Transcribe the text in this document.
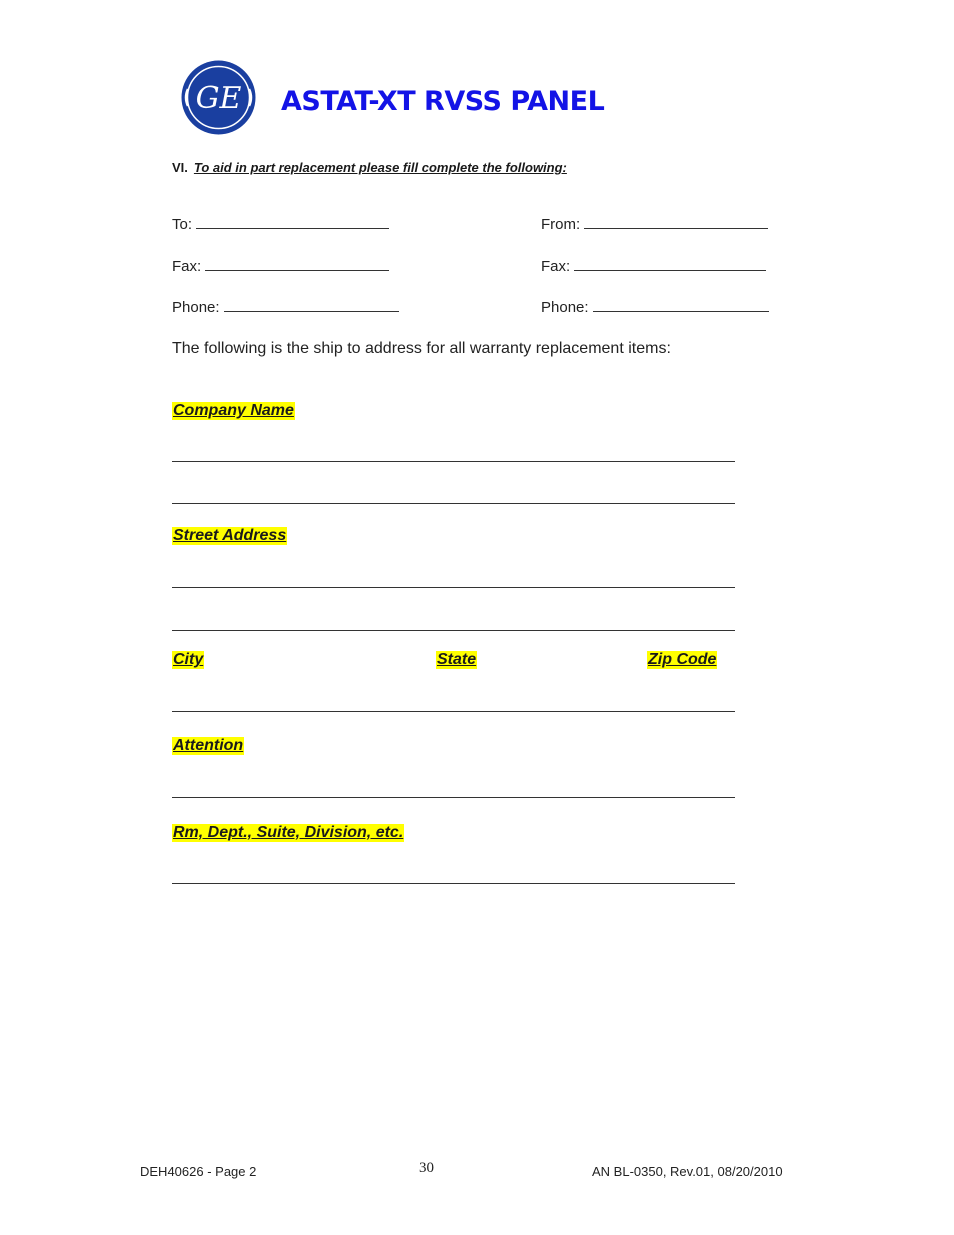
GE ASTAT-XT RVSS PANEL
VI. To aid in part replacement please fill complete the following:
To:	From:
Fax:	Fax:
Phone:	Phone:
The following is the ship to address for all warranty replacement items:
Company Name
Street Address
City	State	Zip Code
Attention
Rm, Dept., Suite, Division, etc.
DEH40626 - Page 2	30	AN BL-0350, Rev.01, 08/20/2010
